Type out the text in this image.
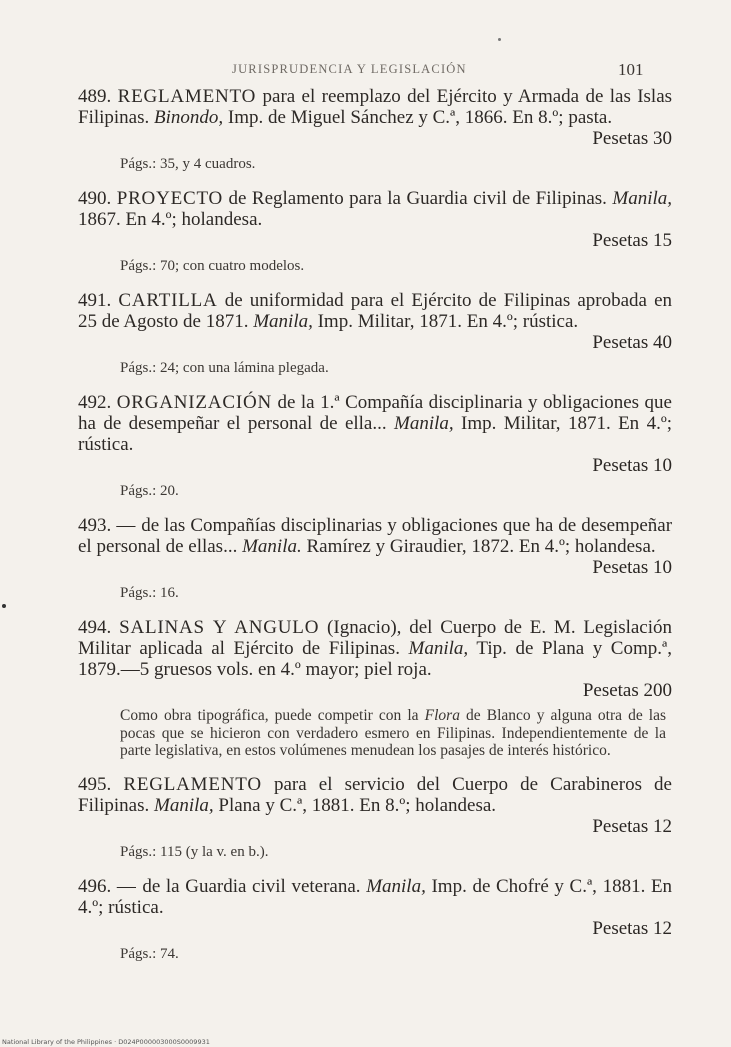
JURISPRUDENCIA Y LEGISLACIÓN	101
489. REGLAMENTO para el reemplazo del Ejército y Armada de las Islas Filipinas. Binondo, Imp. de Miguel Sánchez y C.ª, 1866. En 8.º; pasta.
Pesetas 30
Págs.: 35, y 4 cuadros.
490. PROYECTO de Reglamento para la Guardia civil de Filipinas. Manila, 1867. En 4.º; holandesa.
Pesetas 15
Págs.: 70; con cuatro modelos.
491. CARTILLA de uniformidad para el Ejército de Filipinas aprobada en 25 de Agosto de 1871. Manila, Imp. Militar, 1871. En 4.º; rústica.
Pesetas 40
Págs.: 24; con una lámina plegada.
492. ORGANIZACIÓN de la 1.ª Compañía disciplinaria y obligaciones que ha de desempeñar el personal de ella... Manila, Imp. Militar, 1871. En 4.º; rústica.
Pesetas 10
Págs.: 20.
493. — de las Compañías disciplinarias y obligaciones que ha de desempeñar el personal de ellas... Manila. Ramírez y Giraudier, 1872. En 4.º; holandesa.
Pesetas 10
Págs.: 16.
494. SALINAS Y ANGULO (Ignacio), del Cuerpo de E. M. Legislación Militar aplicada al Ejército de Filipinas. Manila, Tip. de Plana y Comp.ª, 1879.—5 gruesos vols. en 4.º mayor; piel roja.
Pesetas 200
Como obra tipográfica, puede competir con la Flora de Blanco y alguna otra de las pocas que se hicieron con verdadero esmero en Filipinas. Independientemente de la parte legislativa, en estos volúmenes menudean los pasajes de interés histórico.
495. REGLAMENTO para el servicio del Cuerpo de Carabineros de Filipinas. Manila, Plana y C.ª, 1881. En 8.º; holandesa.
Pesetas 12
Págs.: 115 (y la v. en b.).
496. — de la Guardia civil veterana. Manila, Imp. de Chofré y C.ª, 1881. En 4.º; rústica.
Pesetas 12
Págs.: 74.
National Library of the Philippines · D024P000003000S0009931
